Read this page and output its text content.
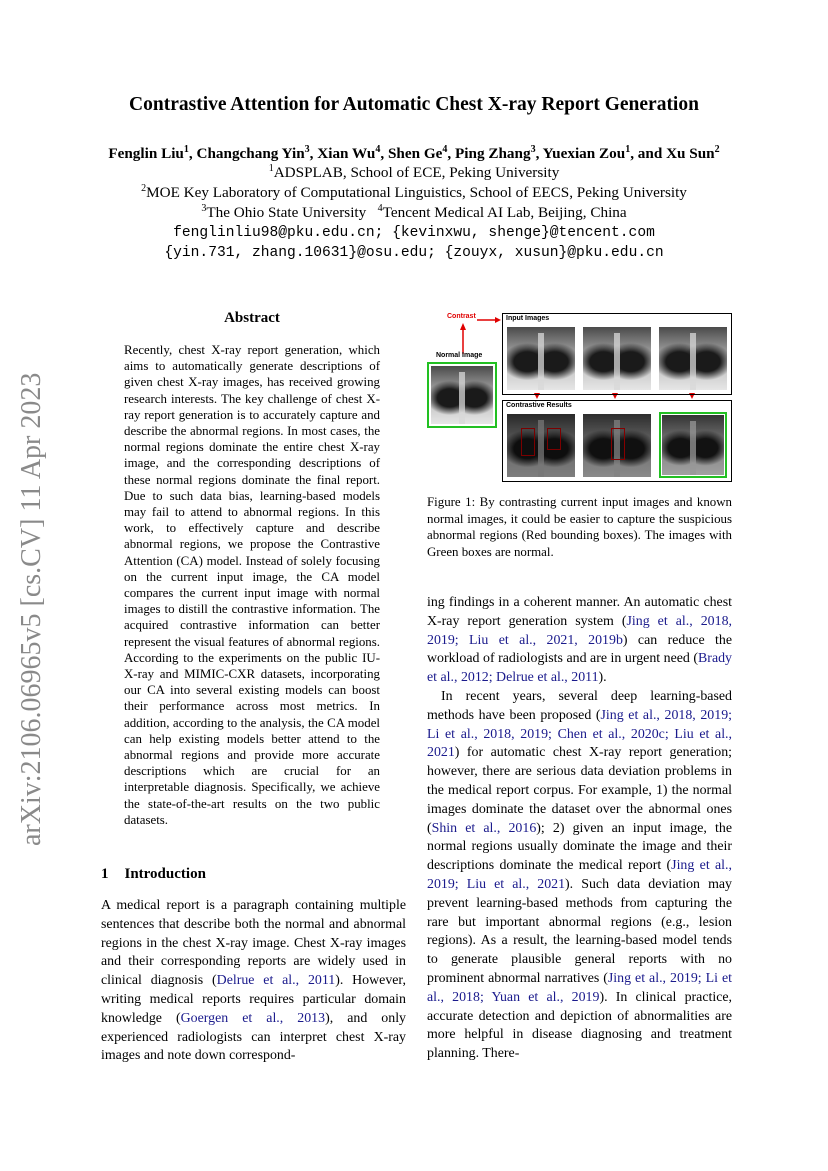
Contrastive Attention for Automatic Chest X-ray Report Generation
Fenglin Liu$^1$, Changchang Yin$^3$, Xian Wu$^4$, Shen Ge$^4$, Ping Zhang$^3$, Yuexian Zou$^1$, and Xu Sun$^2$
$^1$ADSPLAB, School of ECE, Peking University
$^2$MOE Key Laboratory of Computational Linguistics, School of EECS, Peking University
$^3$The Ohio State University $^4$Tencent Medical AI Lab, Beijing, China
fenglinliu98@pku.edu.cn; {kevinxwu, shenge}@tencent.com
{yin.731, zhang.10631}@osu.edu; {zouyx, xusun}@pku.edu.cn
arXiv:2106.06965v5 [cs.CV] 11 Apr 2023
Abstract
Recently, chest X-ray report generation, which aims to automatically generate descriptions of given chest X-ray images, has received growing research interests. The key challenge of chest X-ray report generation is to accurately capture and describe the abnormal regions. In most cases, the normal regions dominate the entire chest X-ray image, and the corresponding descriptions of these normal regions dominate the final report. Due to such data bias, learning-based models may fail to attend to abnormal regions. In this work, to effectively capture and describe abnormal regions, we propose the Contrastive Attention (CA) model. Instead of solely focusing on the current input image, the CA model compares the current input image with normal images to distill the contrastive information. The acquired contrastive information can better represent the visual features of abnormal regions. According to the experiments on the public IU-X-ray and MIMIC-CXR datasets, incorporating our CA into several existing models can boost their performance across most metrics. In addition, according to the analysis, the CA model can help existing models better attend to the abnormal regions and provide more accurate descriptions which are crucial for an interpretable diagnosis. Specifically, we achieve the state-of-the-art results on the two public datasets.
Contrast
Normal Image
Input Images
Contrastive Results
Figure 1: By contrasting current input images and known normal images, it could be easier to capture the suspicious abnormal regions (Red bounding boxes). The images with Green boxes are normal.
1 Introduction

A medical report is a paragraph containing multiple sentences that describe both the normal and abnormal regions in the chest X-ray image. Chest X-ray images and their corresponding reports are widely used in clinical diagnosis (Delrue et al., 2011). However, writing medical reports requires particular domain knowledge (Goergen et al., 2013), and only experienced radiologists can interpret chest X-ray images and note down correspond-

ing findings in a coherent manner. An automatic chest X-ray report generation system (Jing et al., 2018, 2019; Liu et al., 2021, 2019b) can reduce the workload of radiologists and are in urgent need (Brady et al., 2012; Delrue et al., 2011).

In recent years, several deep learning-based methods have been proposed (Jing et al., 2018, 2019; Li et al., 2018, 2019; Chen et al., 2020c; Liu et al., 2021) for automatic chest X-ray report generation; however, there are serious data deviation problems in the medical report corpus. For example, 1) the normal images dominate the dataset over the abnormal ones (Shin et al., 2016); 2) given an input image, the normal regions usually dominate the image and their descriptions dominate the medical report (Jing et al., 2019; Liu et al., 2021). Such data deviation may prevent learning-based methods from capturing the rare but important abnormal regions (e.g., lesion regions). As a result, the learning-based model tends to generate plausible general reports with no prominent abnormal narratives (Jing et al., 2019; Li et al., 2018; Yuan et al., 2019). In clinical practice, accurate detection and depiction of abnormalities are more helpful in disease diagnosing and treatment planning. There-
